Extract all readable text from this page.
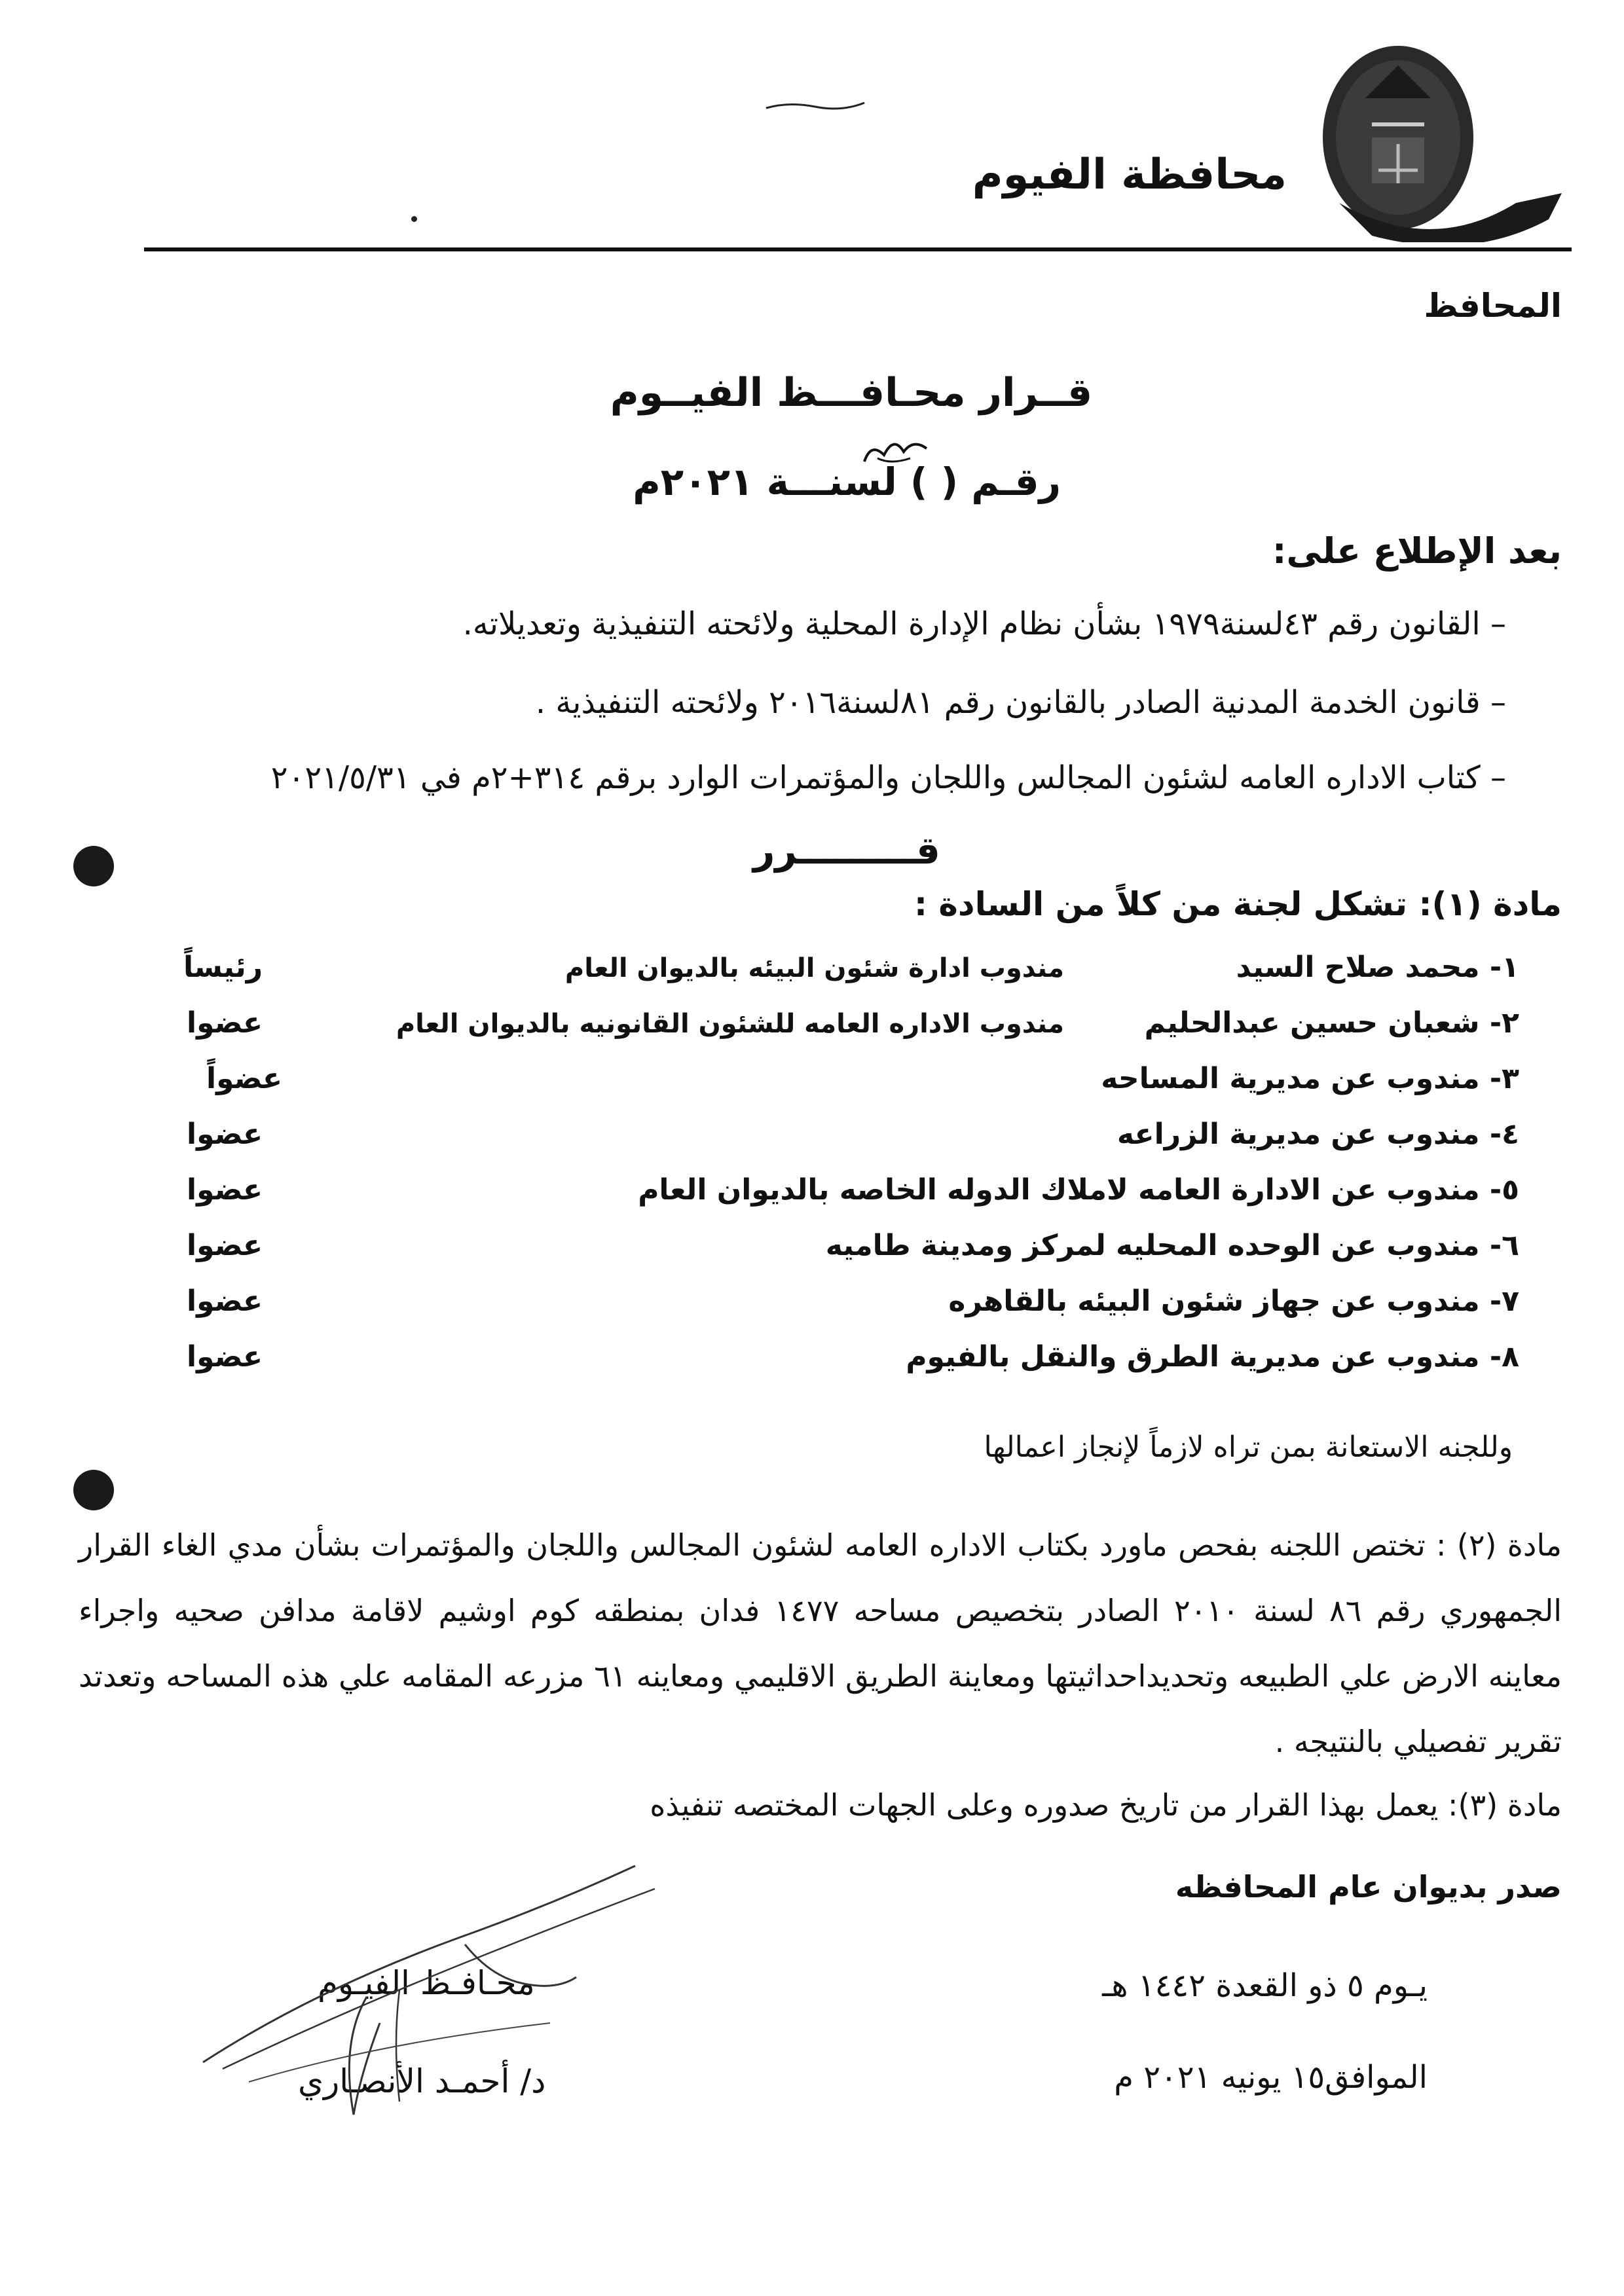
محافظة الفيوم
المحافظ
قــرار محـافـــظ الفيــوم
رقـم ( ) لسنـــة ٢٠٢١م
بعد الإطلاع على:
– القانون رقم ٤٣لسنة١٩٧٩ بشأن نظام الإدارة المحلية ولائحته التنفيذية وتعديلاته.
– قانون الخدمة المدنية الصادر بالقانون رقم ٨١لسنة٢٠١٦ ولائحته التنفيذية .
– كتاب الاداره العامه لشئون المجالس واللجان والمؤتمرات الوارد برقم ٣١٤+٢م في ٢٠٢١/٥/٣١
قـــــــــرر
مادة (١): تشكل لجنة من كلاً من السادة :
١- محمد صلاح السيد
مندوب ادارة شئون البيئه بالديوان العام
رئيساً
٢- شعبان حسين عبدالحليم
مندوب الاداره العامه للشئون القانونيه بالديوان العام
عضوا
٣- مندوب عن مديرية المساحه
عضواً
٤- مندوب عن مديرية الزراعه
عضوا
٥- مندوب عن الادارة العامه لاملاك الدوله الخاصه بالديوان العام
عضوا
٦- مندوب عن الوحده المحليه لمركز ومدينة طاميه
عضوا
٧- مندوب عن جهاز شئون البيئه بالقاهره
عضوا
٨- مندوب عن مديرية الطرق والنقل بالفيوم
عضوا
وللجنه الاستعانة بمن تراه لازماً لإنجاز اعمالها
مادة (٢) : تختص اللجنه بفحص ماورد بكتاب الاداره العامه لشئون المجالس واللجان والمؤتمرات بشأن مدي الغاء القرار الجمهوري رقم ٨٦ لسنة ٢٠١٠ الصادر بتخصيص مساحه ١٤٧٧ فدان بمنطقه كوم اوشيم لاقامة مدافن صحيه واجراء معاينه الارض علي الطبيعه وتحديداحداثيتها ومعاينة الطريق الاقليمي ومعاينه ٦١ مزرعه المقامه علي هذه المساحه وتعدتد تقرير تفصيلي بالنتيجه .
مادة (٣): يعمل بهذا القرار من تاريخ صدوره وعلى الجهات المختصه تنفيذه
صدر بديوان عام المحافظه
يـوم ٥ ذو القعدة ١٤٤٢ هـ
الموافق١٥ يونيه ٢٠٢١ م
محـافـظ الفيـوم
د/ أحمـد الأنصـاري
